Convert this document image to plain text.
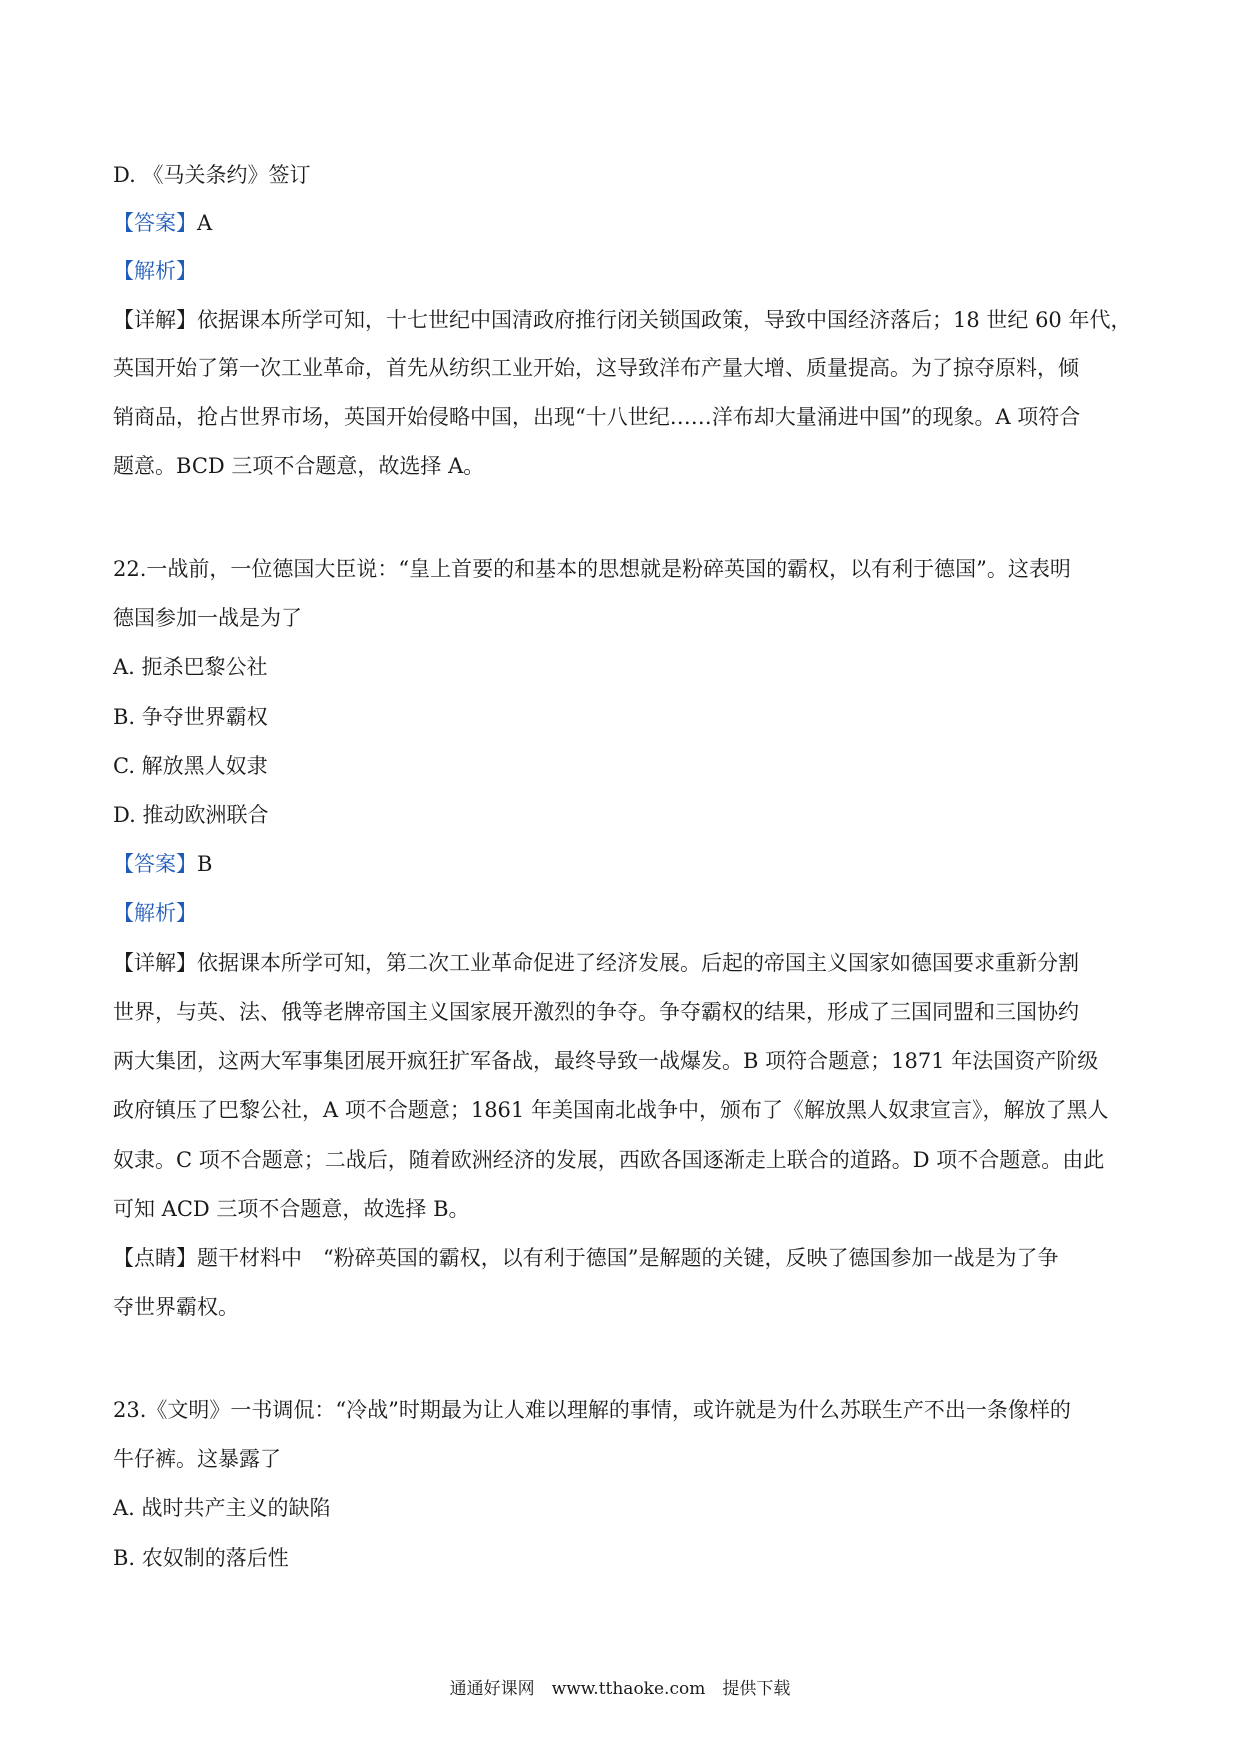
D. 《马关条约》签订
【答案】A
【解析】
【详解】依据课本所学可知，十七世纪中国清政府推行闭关锁国政策，导致中国经济落后；18 世纪 60 年代，
英国开始了第一次工业革命，首先从纺织工业开始，这导致洋布产量大增、质量提高。为了掠夺原料，倾
销商品，抢占世界市场，英国开始侵略中国，出现“十八世纪……洋布却大量涌进中国”的现象。A 项符合
题意。BCD 三项不合题意，故选择 A。
22.一战前，一位德国大臣说：“皇上首要的和基本的思想就是粉碎英国的霸权，以有利于德国”。这表明
德国参加一战是为了
A. 扼杀巴黎公社
B. 争夺世界霸权
C. 解放黑人奴隶
D. 推动欧洲联合
【答案】B
【解析】
【详解】依据课本所学可知，第二次工业革命促进了经济发展。后起的帝国主义国家如德国要求重新分割
世界，与英、法、俄等老牌帝国主义国家展开激烈的争夺。争夺霸权的结果，形成了三国同盟和三国协约
两大集团，这两大军事集团展开疯狂扩军备战，最终导致一战爆发。B 项符合题意；1871 年法国资产阶级
政府镇压了巴黎公社，A 项不合题意；1861 年美国南北战争中，颁布了《解放黑人奴隶宣言》，解放了黑人
奴隶。C 项不合题意；二战后，随着欧洲经济的发展，西欧各国逐渐走上联合的道路。D 项不合题意。由此
可知 ACD 三项不合题意，故选择 B。
【点睛】题干材料中　“粉碎英国的霸权，以有利于德国”是解题的关键，反映了德国参加一战是为了争
夺世界霸权。
23.《文明》一书调侃：“冷战”时期最为让人难以理解的事情，或许就是为什么苏联生产不出一条像样的
牛仔裤。这暴露了
A. 战时共产主义的缺陷
B. 农奴制的落后性
通通好课网　www.tthaoke.com　提供下载
